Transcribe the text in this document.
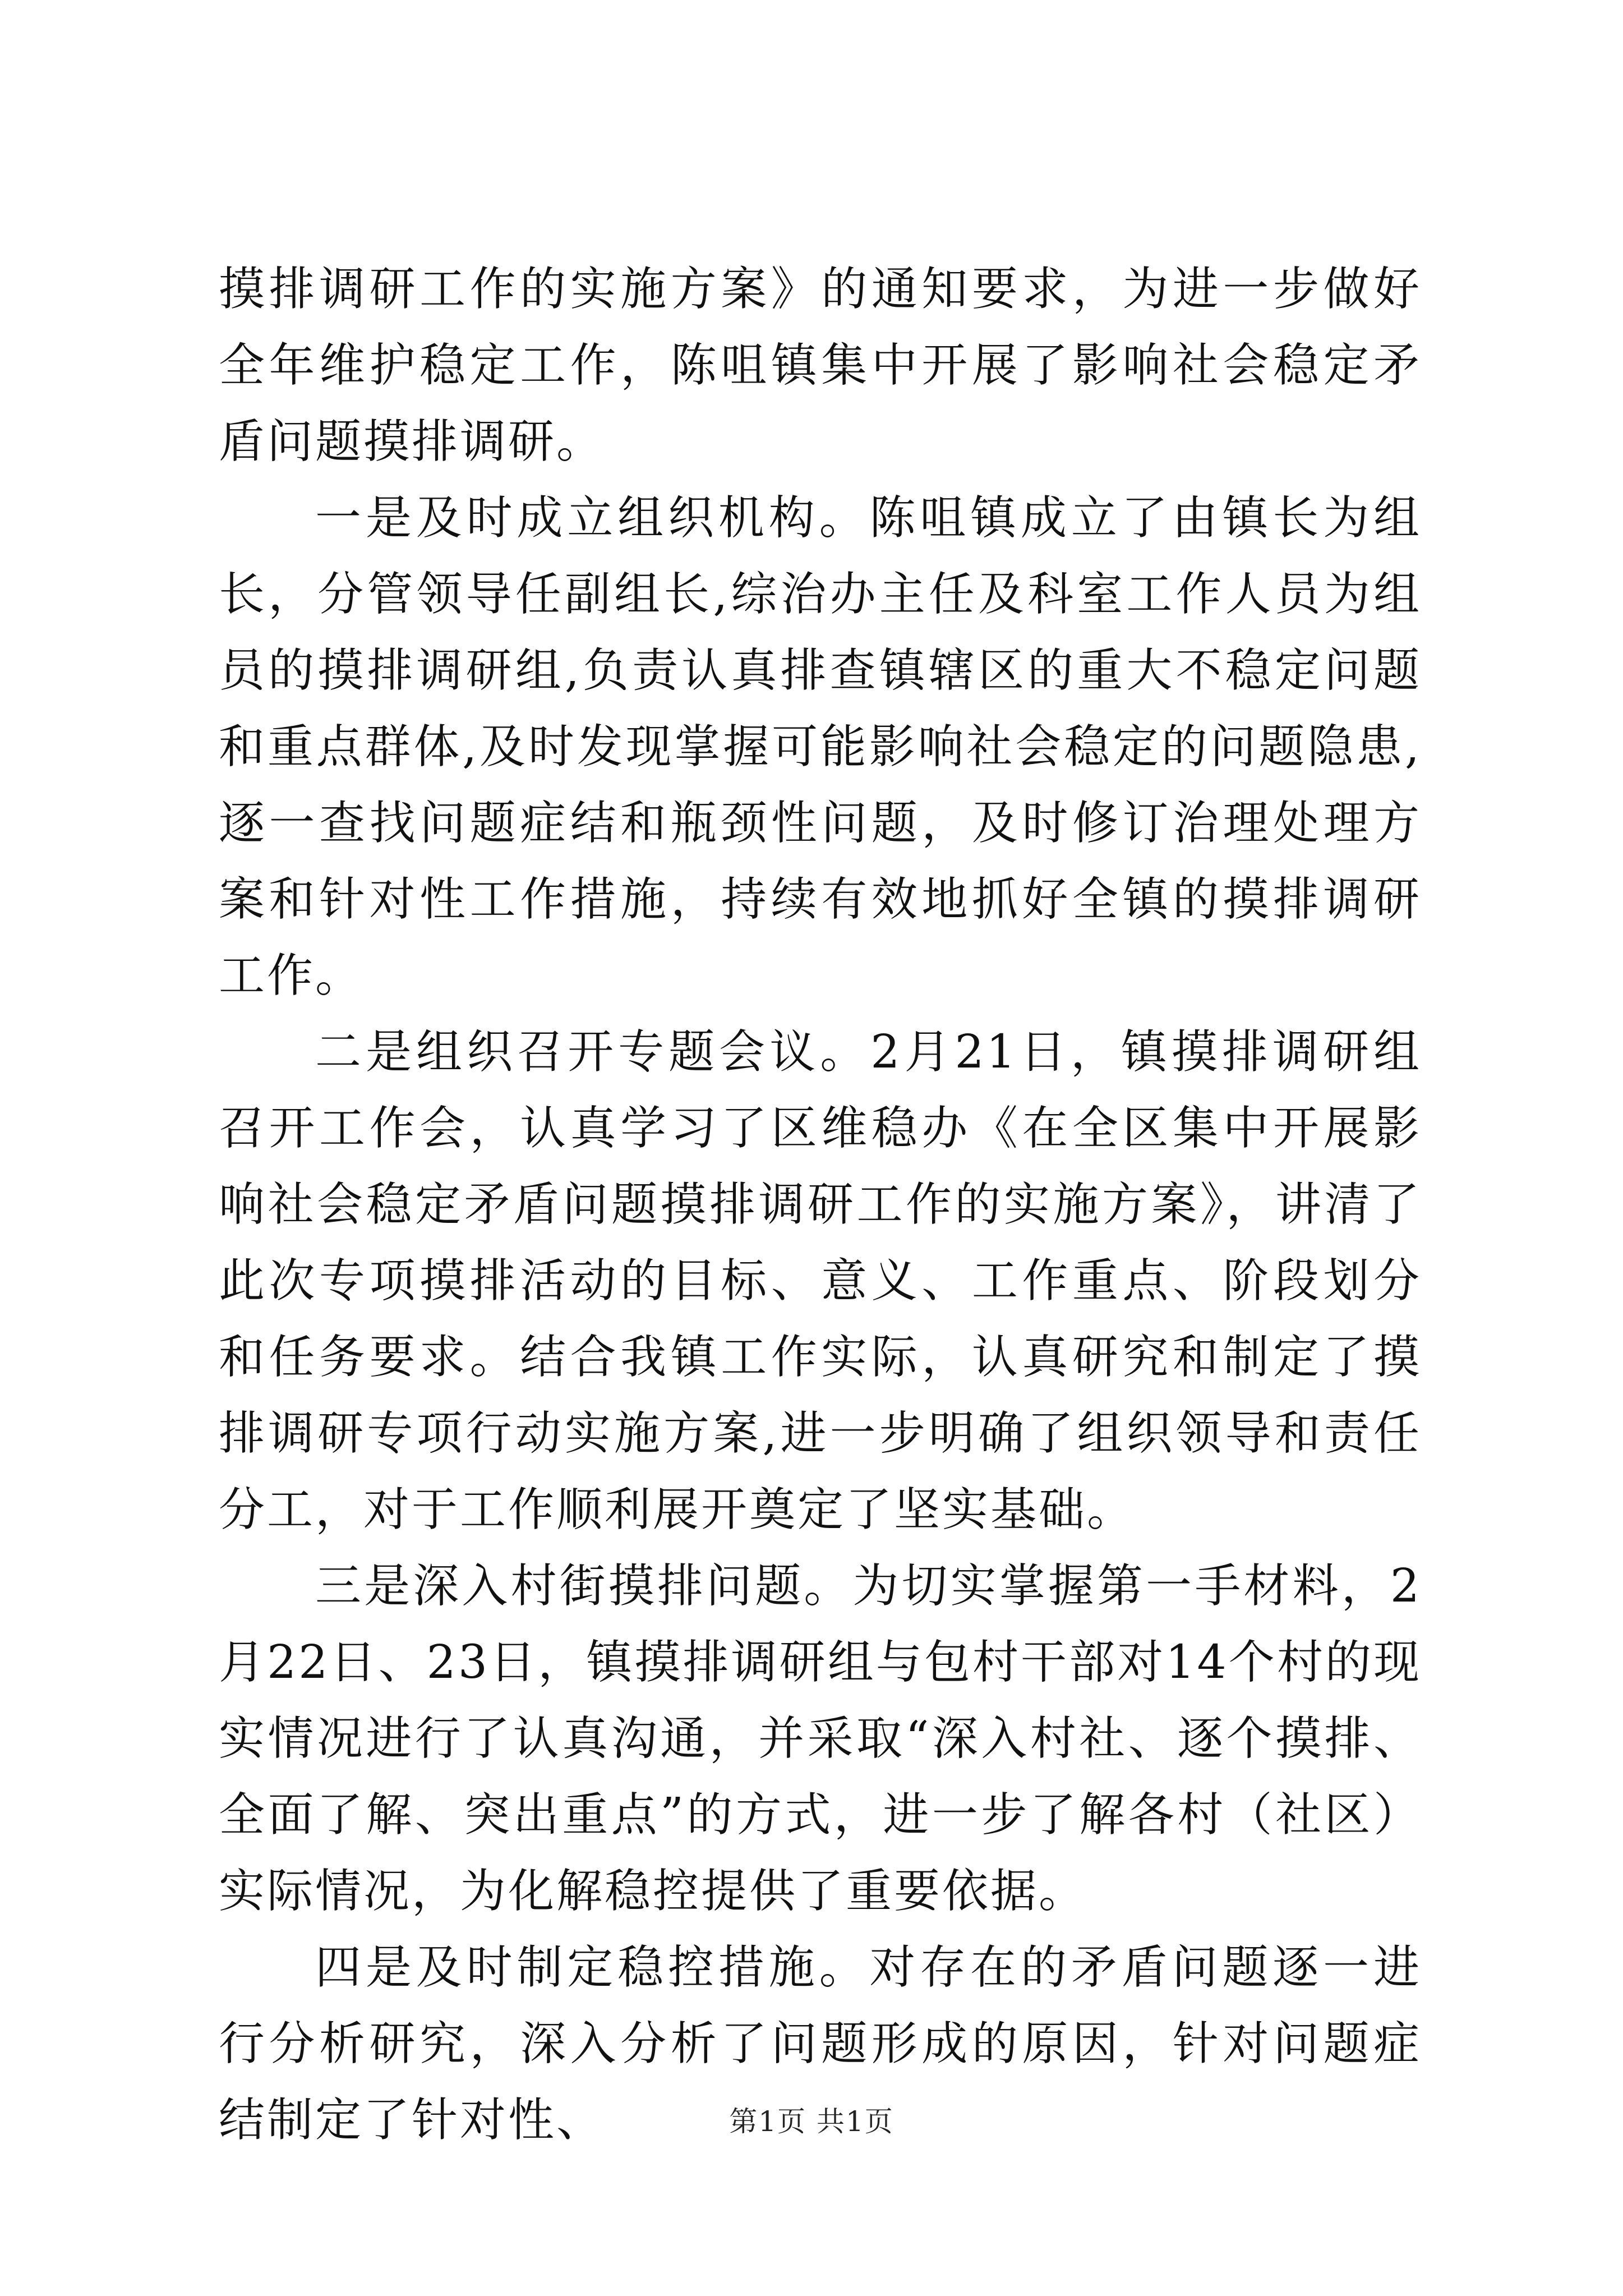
摸排调研工作的实施方案》的通知要求，为进一步做好全年维护稳定工作，陈咀镇集中开展了影响社会稳定矛盾问题摸排调研。

一是及时成立组织机构。陈咀镇成立了由镇长为组长，分管领导任副组长,综治办主任及科室工作人员为组员的摸排调研组,负责认真排查镇辖区的重大不稳定问题和重点群体,及时发现掌握可能影响社会稳定的问题隐患,逐一查找问题症结和瓶颈性问题，及时修订治理处理方案和针对性工作措施，持续有效地抓好全镇的摸排调研工作。

二是组织召开专题会议。2月21日，镇摸排调研组召开工作会，认真学习了区维稳办《在全区集中开展影响社会稳定矛盾问题摸排调研工作的实施方案》，讲清了此次专项摸排活动的目标、意义、工作重点、阶段划分和任务要求。结合我镇工作实际，认真研究和制定了摸排调研专项行动实施方案,进一步明确了组织领导和责任分工，对于工作顺利展开奠定了坚实基础。

三是深入村街摸排问题。为切实掌握第一手材料，2月22日、23日，镇摸排调研组与包村干部对14个村的现实情况进行了认真沟通，并采取“深入村社、逐个摸排、全面了解、突出重点”的方式，进一步了解各村（社区）实际情况，为化解稳控提供了重要依据。

四是及时制定稳控措施。对存在的矛盾问题逐一进行分析研究，深入分析了问题形成的原因，针对问题症结制定了针对性、	第1页 共1页
